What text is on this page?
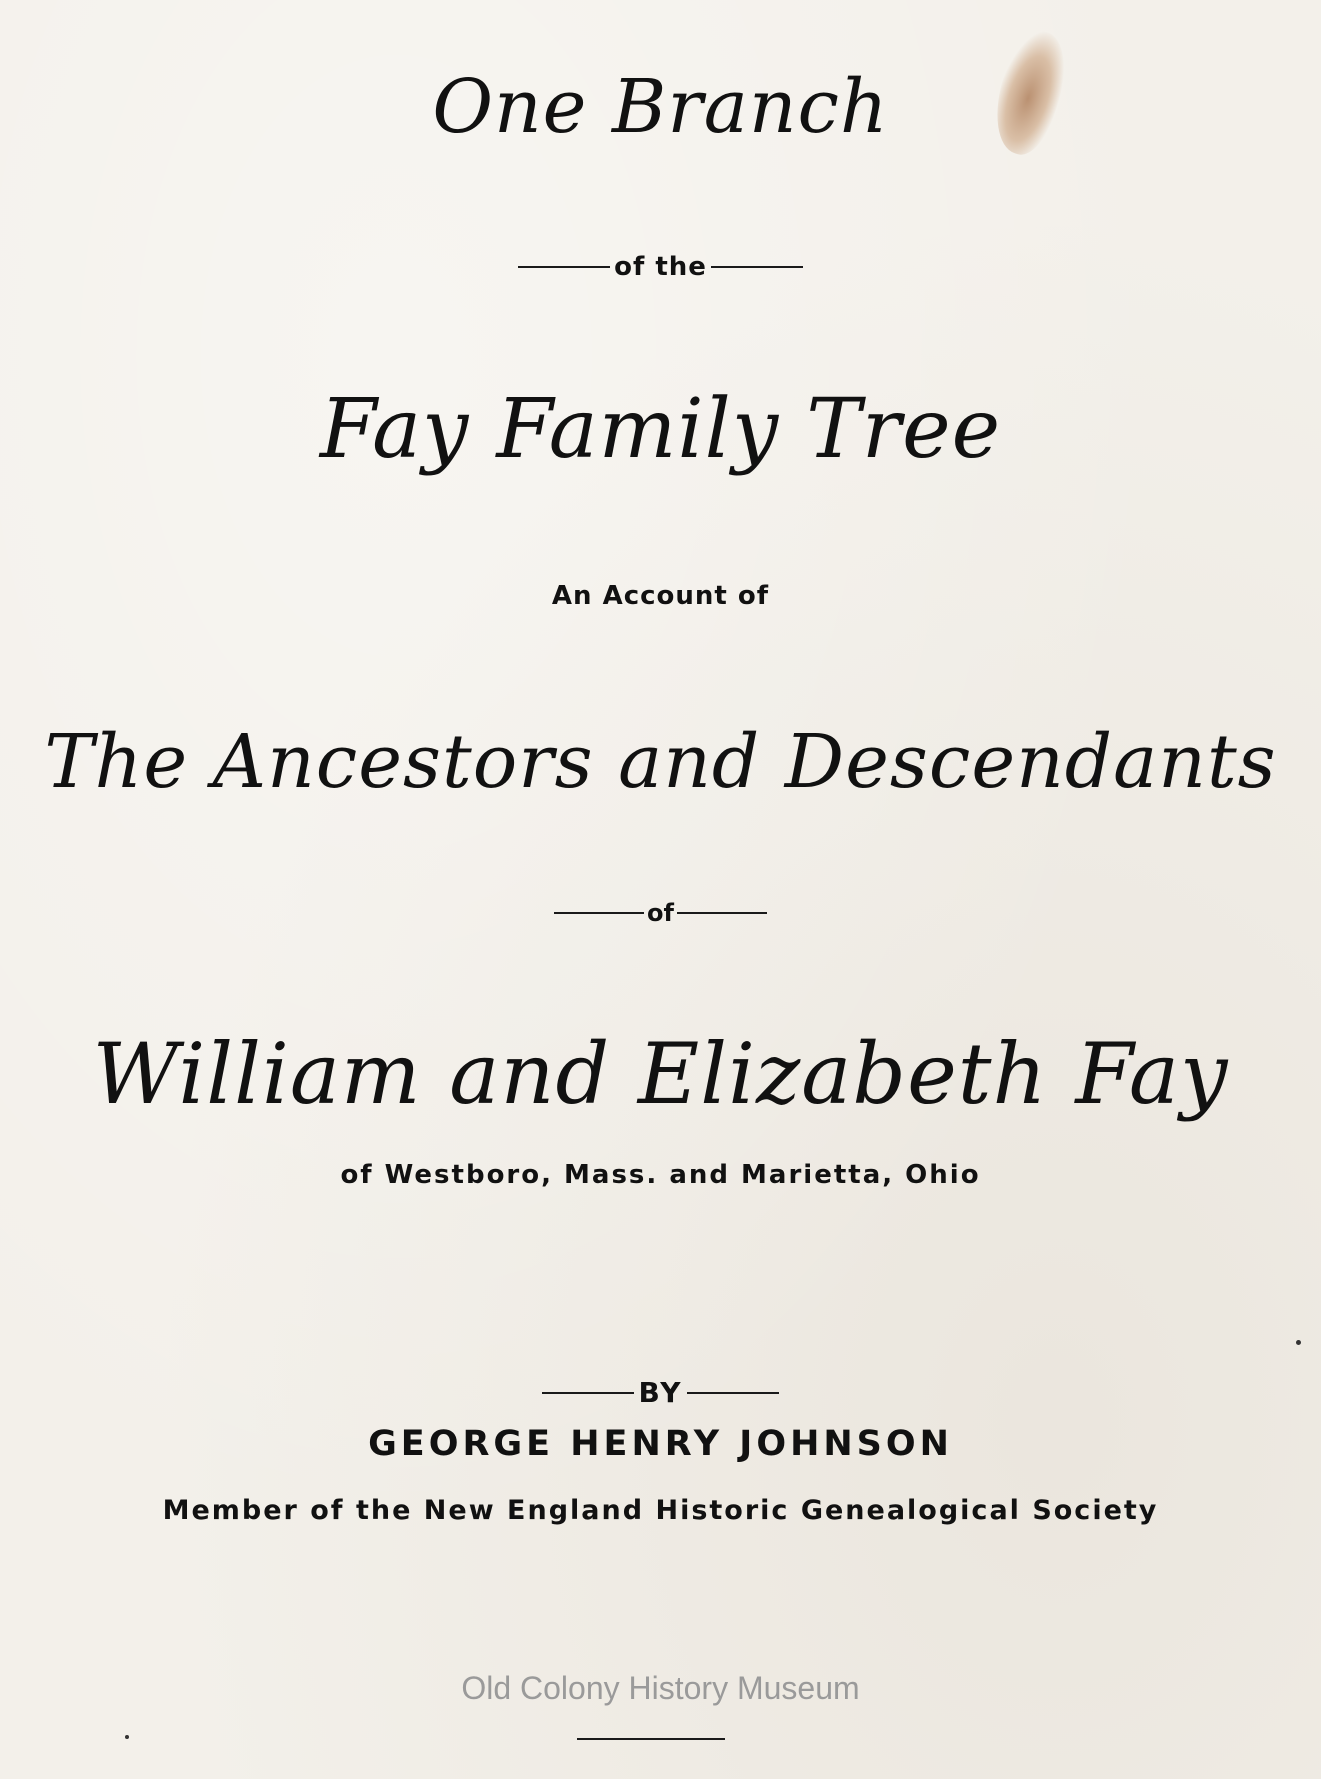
One Branch
of the
Fay Family Tree
An Account of
The Ancestors and Descendants
of
William and Elizabeth Fay
of Westboro, Mass. and Marietta, Ohio
BY
GEORGE HENRY JOHNSON
Member of the New England Historic Genealogical Society
Old Colony History Museum
